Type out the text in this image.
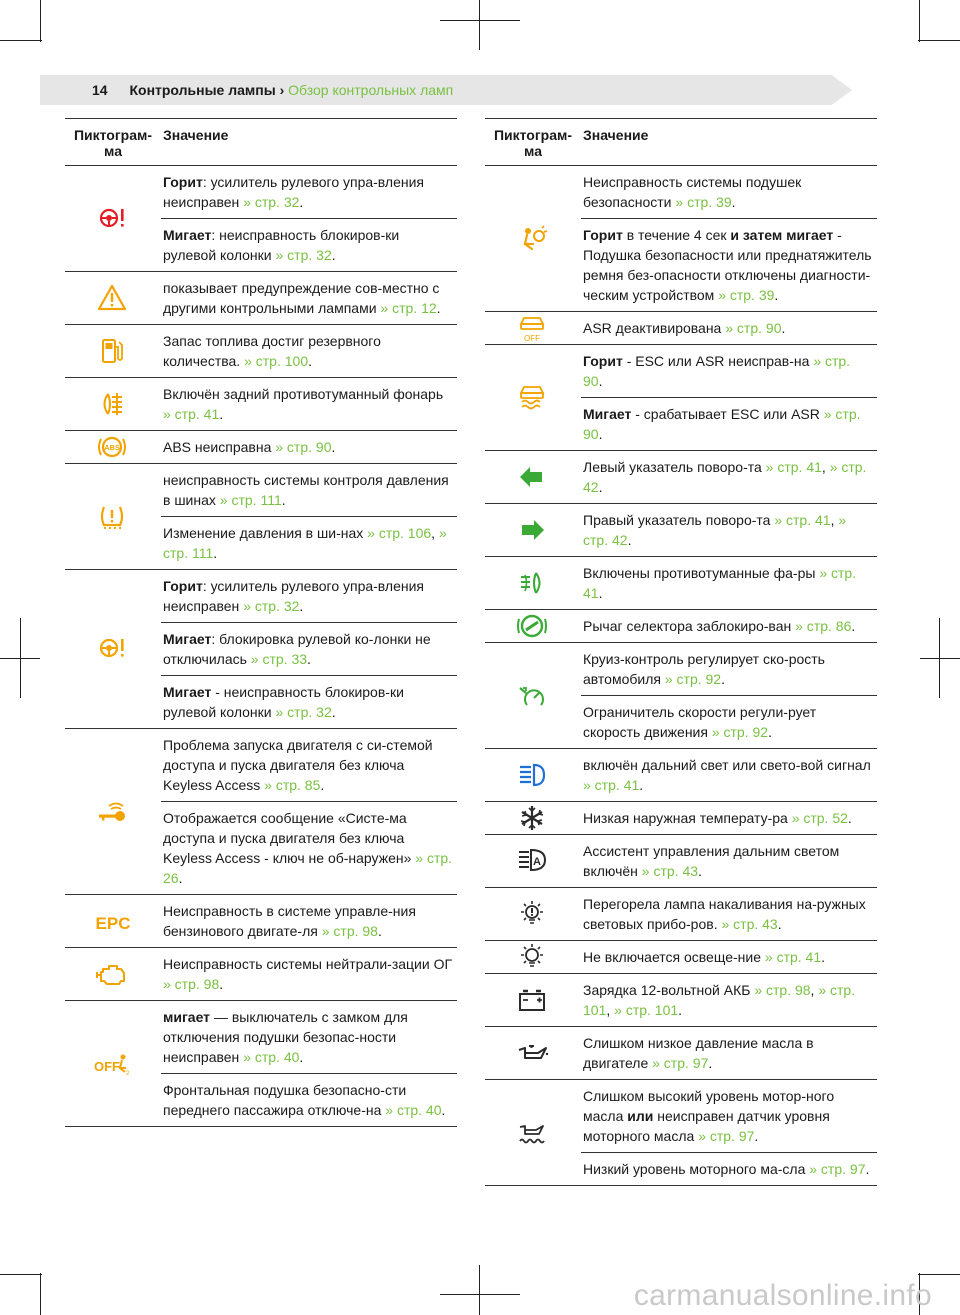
14 Контрольные лампы › Обзор контрольных ламп
Пиктограм-ма
Значение
Горит: усилитель рулевого упра-вления неисправен » стр. 32.
Мигает: неисправность блокиров-ки рулевой колонки » стр. 32.
показывает предупреждение сов-местно с другими контрольными лампами » стр. 12.
Запас топлива достиг резервного количества. » стр. 100.
Включён задний противотуманный фонарь » стр. 41.
ABS	ABS неисправна » стр. 90.
неисправность системы контроля давления в шинах » стр. 111.
Изменение давления в ши-нах » стр. 106, » стр. 111.
Горит: усилитель рулевого упра-вления неисправен » стр. 32.
Мигает: блокировка рулевой ко-лонки не отключилась » стр. 33.
Мигает - неисправность блокиров-ки рулевой колонки » стр. 32.
Проблема запуска двигателя с си-стемой доступа и пуска двигателя без ключа Keyless Access » стр. 85.
Отображается сообщение «Систе-ма доступа и пуска двигателя без ключа Keyless Access - ключ не об-наружен» » стр. 26.
EPC
Неисправность в системе управле-ния бензинового двигате-ля » стр. 98.
Неисправность системы нейтрали-зации ОГ » стр. 98.
OFF 2
мигает — выключатель с замком для отключения подушки безопас-ности неисправен » стр. 40.
Фронтальная подушка безопасно-сти переднего пассажира отключе-на » стр. 40.
Пиктограм-ма
Значение
Неисправность системы подушек безопасности » стр. 39.
Горит в течение 4 сек и затем мигает - Подушка безопасности или преднатяжитель ремня без-опасности отключены диагности-ческим устройством » стр. 39.
OFF
ASR деактивирована » стр. 90.
Горит - ESC или ASR неисправ-на » стр. 90.
Мигает - срабатывает ESC или ASR » стр. 90.
Левый указатель поворо-та » стр. 41, » стр. 42.
Правый указатель поворо-та » стр. 41, » стр. 42.
Включены противотуманные фа-ры » стр. 41.
Рычаг селектора заблокиро-ван » стр. 86.
Круиз-контроль регулирует ско-рость автомобиля » стр. 92.
Ограничитель скорости регули-рует скорость движения » стр. 92.
включён дальний свет или свето-вой сигнал » стр. 41.
Низкая наружная температу-ра » стр. 52.
A
Ассистент управления дальним светом включён » стр. 43.
Перегорела лампа накаливания на-ружных световых прибо-ров. » стр. 43.
Не включается освеще-ние » стр. 41.
Зарядка 12-вольтной АКБ » стр. 98, » стр. 101, » стр. 101.
Слишком низкое давление масла в двигателе » стр. 97.
Слишком высокий уровень мотор-ного масла или неисправен датчик уровня моторного масла » стр. 97.
Низкий уровень моторного ма-сла » стр. 97.
carmanualsonline.info
